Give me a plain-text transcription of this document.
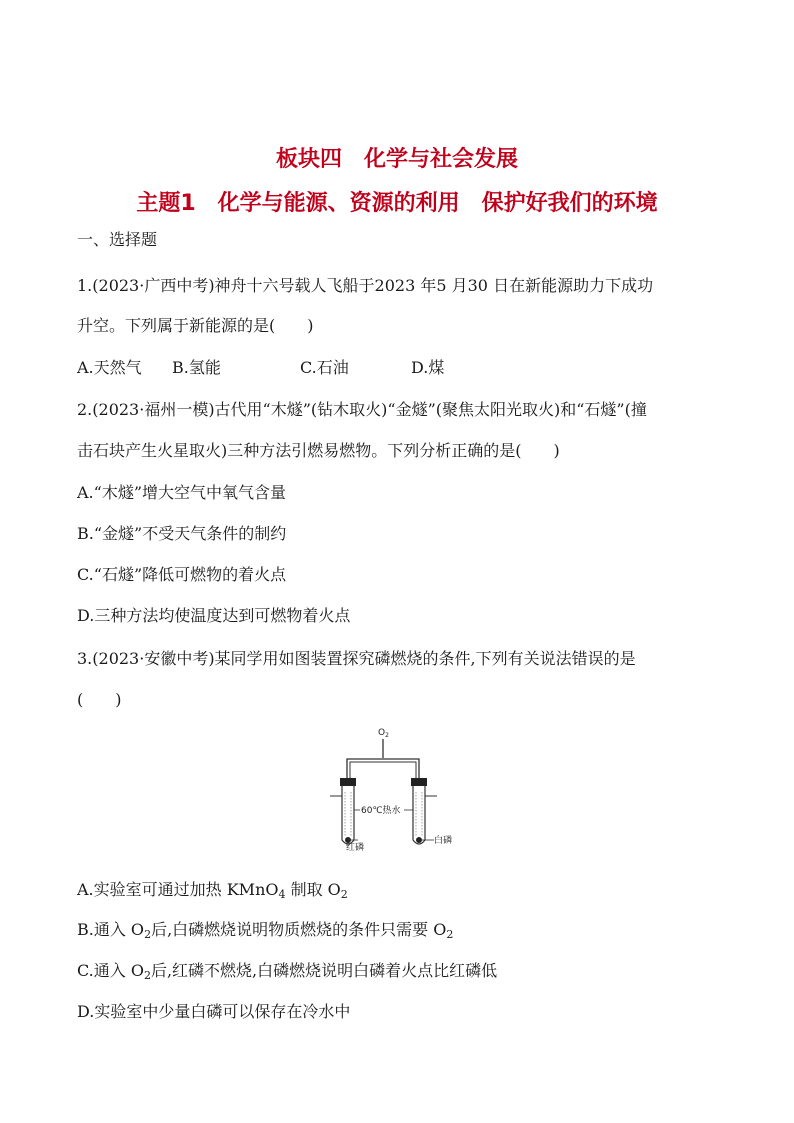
板块四　化学与社会发展
主题1　化学与能源、资源的利用　保护好我们的环境
一、选择题
1.(2023·广西中考)神舟十六号载人飞船于2023 年5 月30 日在新能源助力下成功
升空。下列属于新能源的是(　　)
A.天然气 B.氢能	C.石油	D.煤
2.(2023·福州一模)古代用“木燧”(钻木取火)“金燧”(聚焦太阳光取火)和“石燧”(撞
击石块产生火星取火)三种方法引燃易燃物。下列分析正确的是(　　)
A.“木燧”增大空气中氧气含量
B.“金燧”不受天气条件的制约
C.“石燧”降低可燃物的着火点
D.三种方法均使温度达到可燃物着火点
3.(2023·安徽中考)某同学用如图装置探究磷燃烧的条件,下列有关说法错误的是
(　　)
$O_2$
60℃热水
红磷
白磷
A.实验室可通过加热 KMnO$_4$ 制取 $O_2$
B.通入 $O_2$后,白磷燃烧说明物质燃烧的条件只需要 $O_2$
C.通入 $O_2$后,红磷不燃烧,白磷燃烧说明白磷着火点比红磷低
D.实验室中少量白磷可以保存在冷水中
